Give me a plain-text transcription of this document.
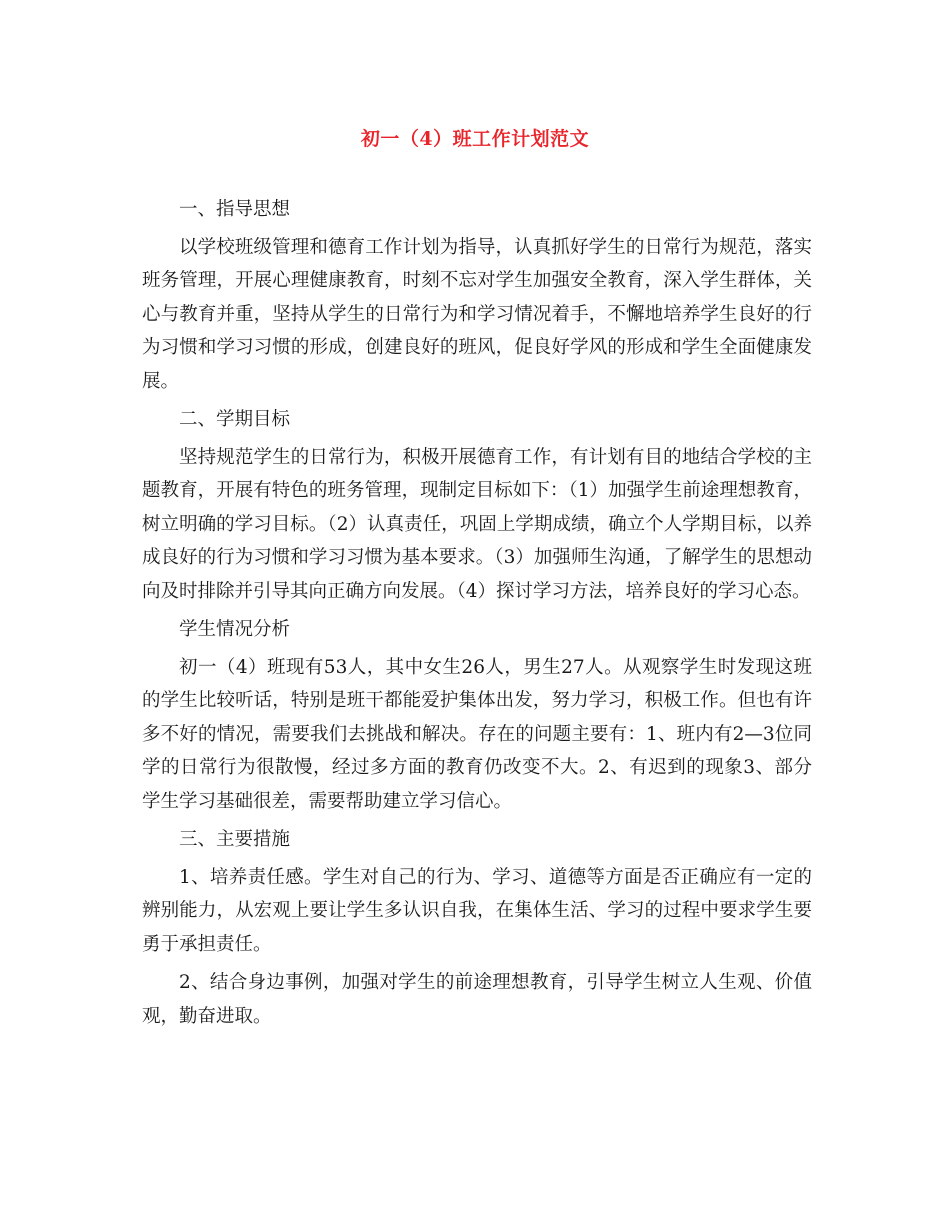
初一（4）班工作计划范文

一、指导思想

以学校班级管理和德育工作计划为指导，认真抓好学生的日常行为规范，落实班务管理，开展心理健康教育，时刻不忘对学生加强安全教育，深入学生群体，关心与教育并重，坚持从学生的日常行为和学习情况着手，不懈地培养学生良好的行为习惯和学习习惯的形成，创建良好的班风，促良好学风的形成和学生全面健康发展。

二、学期目标

坚持规范学生的日常行为，积极开展德育工作，有计划有目的地结合学校的主题教育，开展有特色的班务管理，现制定目标如下：（1）加强学生前途理想教育，树立明确的学习目标。（2）认真责任，巩固上学期成绩，确立个人学期目标，以养成良好的行为习惯和学习习惯为基本要求。（3）加强师生沟通，了解学生的思想动向及时排除并引导其向正确方向发展。（4）探讨学习方法，培养良好的学习心态。

学生情况分析

初一（4）班现有53人，其中女生26人，男生27人。从观察学生时发现这班的学生比较听话，特别是班干都能爱护集体出发，努力学习，积极工作。但也有许多不好的情况，需要我们去挑战和解决。存在的问题主要有：1、班内有2—3位同学的日常行为很散慢，经过多方面的教育仍改变不大。2、有迟到的现象3、部分学生学习基础很差，需要帮助建立学习信心。

三、主要措施

1、培养责任感。学生对自己的行为、学习、道德等方面是否正确应有一定的辨别能力，从宏观上要让学生多认识自我，在集体生活、学习的过程中要求学生要勇于承担责任。

2、结合身边事例，加强对学生的前途理想教育，引导学生树立人生观、价值观，勤奋进取。
